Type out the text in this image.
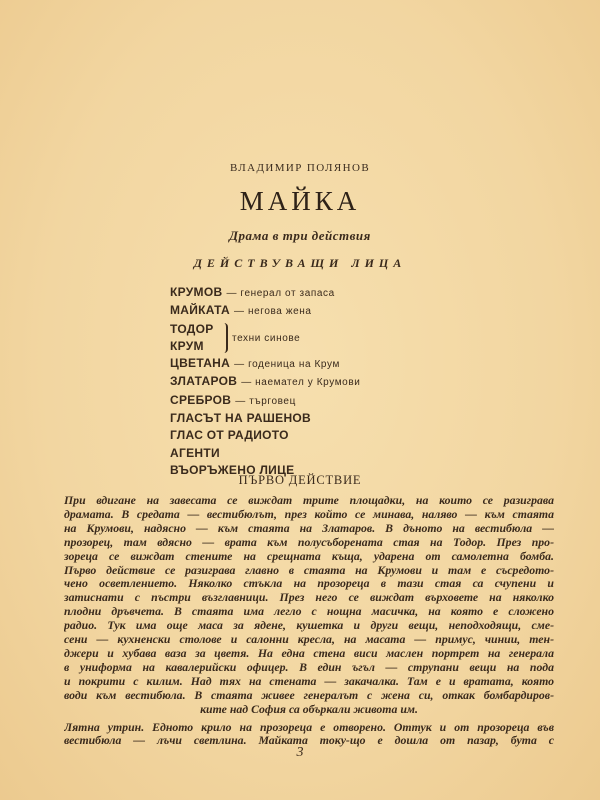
ВЛАДИМИР ПОЛЯНОВ
МАЙКА
Драма в три действия
ДЕЙСТВУВАЩИ ЛИЦА
КРУМОВ — генерал от запаса
МАЙКАТА — негова жена
ТОДОР
КРУМ
техни синове
ЦВЕТАНА — годеница на Крум
ЗЛАТАРОВ — наемател у Крумови
СРЕБРОВ — търговец
ГЛАСЪТ НА РАШЕНОВ
ГЛАС ОТ РАДИОТО
АГЕНТИ
ВЪОРЪЖЕНО ЛИЦЕ
ПЪРВО ДЕЙСТВИЕ
При вдигане на завесата се виждат трите площадки, на които се разиграва
драмата. В средата — вестибюлът, през който се минава, наляво — към стаята
на Крумови, надясно — към стаята на Златаров. В дъното на вестибюла —
прозорец, там вдясно — врата към полусъборената стая на Тодор. През про-
зореца се виждат стените на срещната къща, ударена от самолетна бомба.
Първо действие се разиграва главно в стаята на Крумови и там е съсредото-
чено осветлението. Няколко стъкла на прозореца в тази стая са счупени и
затиснати с пъстри възглавници. През него се виждат върховете на няколко
плодни дръвчета. В стаята има легло с нощна масичка, на която е сложено
радио. Тук има още маса за ядене, кушетка и други вещи, неподходящи, сме-
сени — кухненски столове и салонни кресла, на масата — примус, чинии, тен-
джери и хубава ваза за цветя. На една стена виси маслен портрет на генерала
в униформа на кавалерийски офицер. В един ъгъл — струпани вещи на пода
и покрити с килим. Над тях на стената — закачалка. Там е и вратата, която
води към вестибюла. В стаята живее генералът с жена си, откак бомбардиров-
ките над София са объркали живота им.
Лятна утрин. Едното крило на прозореца е отворено. Оттук и от прозореца във
вестибюла — лъчи светлина. Майката току-що е дошла от пазар, бута с
3
